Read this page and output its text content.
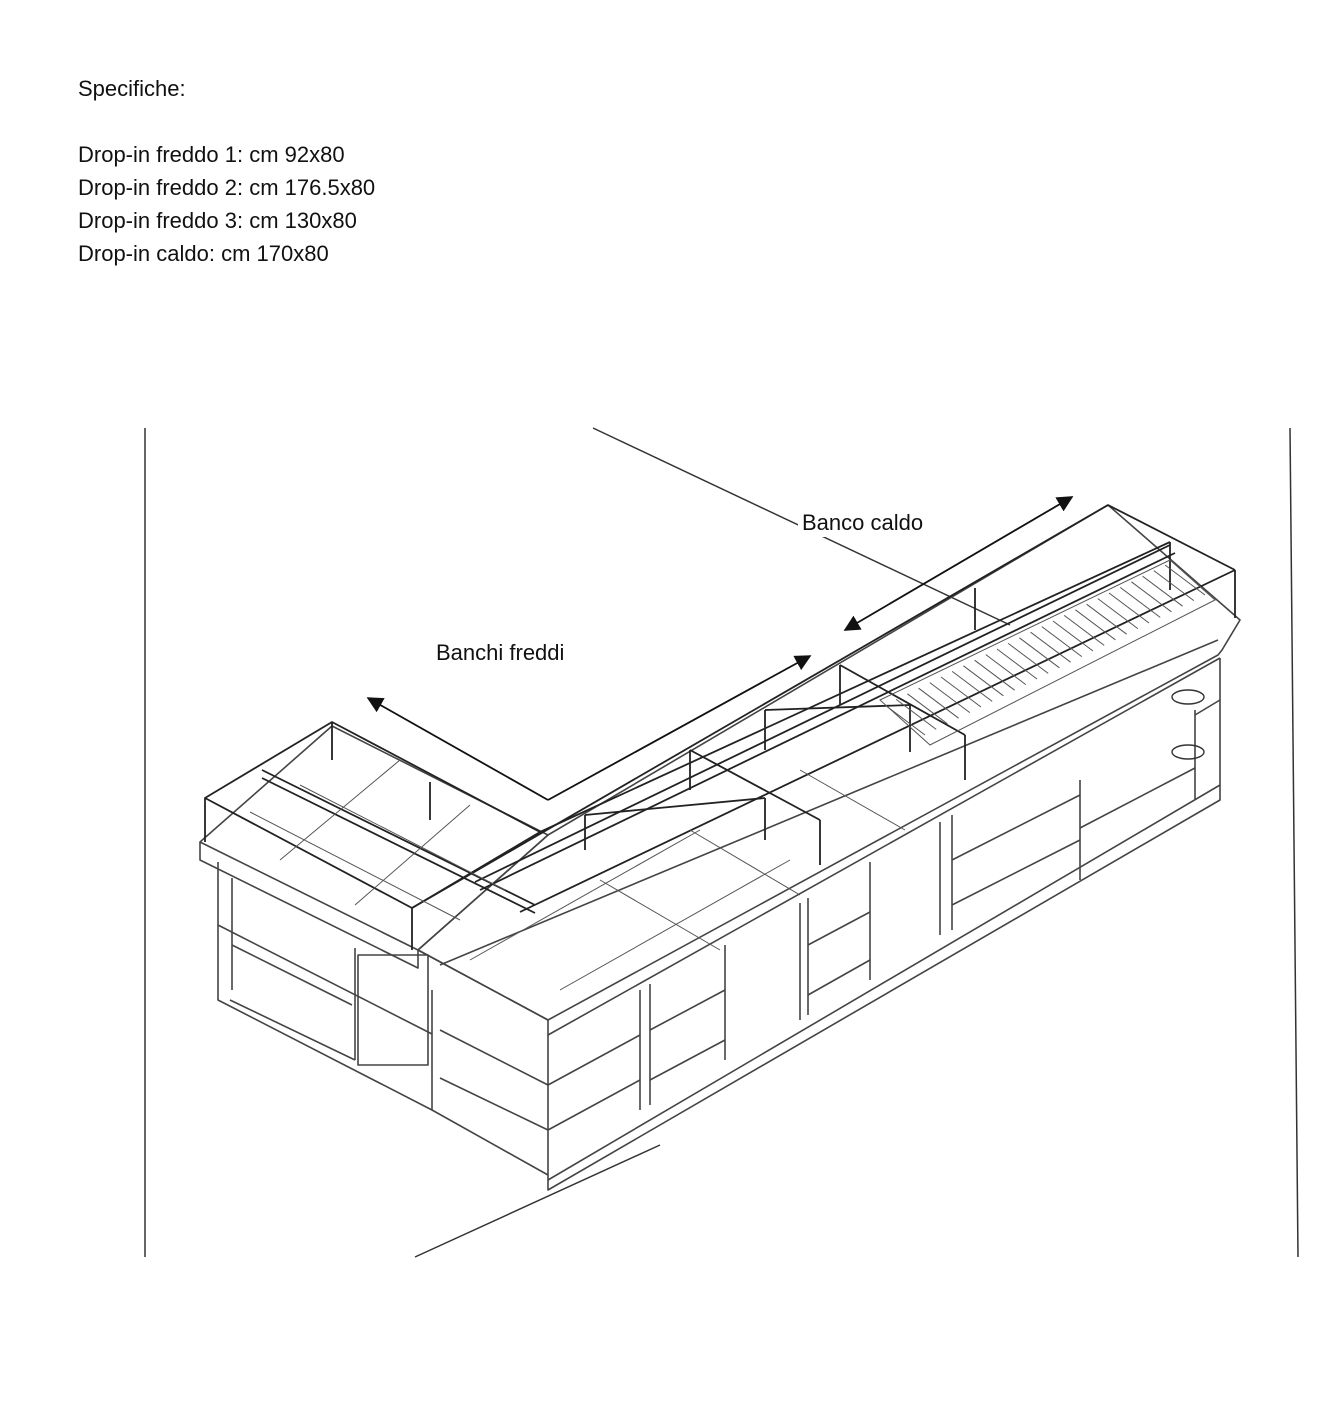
Specifiche:
Drop-in freddo 1: cm 92x80
Drop-in freddo 2: cm 176.5x80
Drop-in freddo 3: cm 130x80
Drop-in caldo: cm 170x80
Banco caldo
Banchi freddi
